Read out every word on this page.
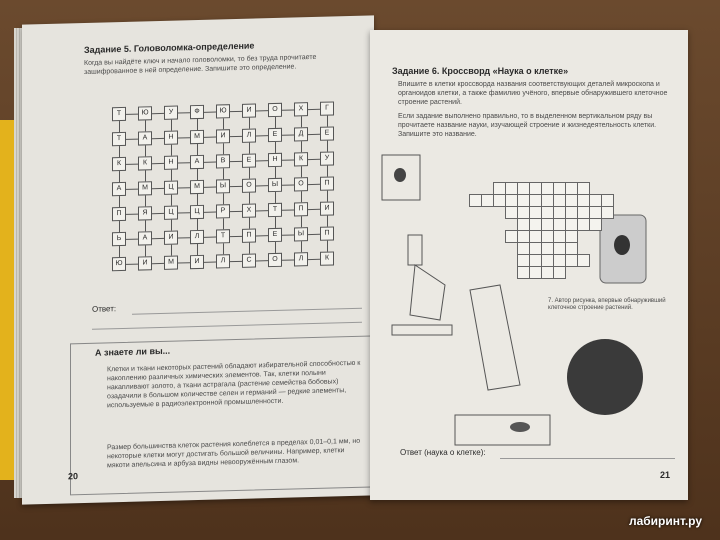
Задание 5. Головоломка-определение
Когда вы найдёте ключ и начало головоломки, то без труда прочитаете зашифрованное в ней определение. Запишите это определение.
Т	Ю	У	Ф	Ю	И	О	Х	Г
Т	А	Н	М	И	Л	Е	Д	Е
К	К	Н	А	В	Е	Н	К	У
А	М	Ц	М	Ы	О	Ы	О	П
П	Я	Ц	Ц	Р	Х	Т	П	И
Ь	А	И	Л	Т	П	Е	Ы	П
Ю	И	М	И	Л	С	О	Л	К
Ответ:
А знаете ли вы...
Клетки и ткани некоторых растений обладают избирательной способностью к накоплению различных химических элементов. Так, клетки полыни накапливают золото, а ткани астрагала (растение семейства бобовых) озадачили в большом количестве селен и германий — редкие элементы, используемые в радиоэлектронной промышленности.
Размер большинства клеток растения колеблется в пределах 0,01–0,1 мм, но некоторые клетки могут достигать большой величины. Например, клетки мякоти апельсина и арбуза видны невооружённым глазом.
20
Задание 6. Кроссворд «Наука о клетке»
Впишите в клетки кроссворда названия соответствующих деталей микроскопа и органоидов клетки, а также фамилию учёного, впервые обнаружившего клеточное строение растений.
Если задание выполнено правильно, то в выделенном вертикальном ряду вы прочитаете название науки, изучающей строение и жизнедеятельность клетки. Запишите это название.
7. Автор рисунка, впервые обнаруживший клеточное строение растений.
Ответ (наука о клетке):
21
лабиринт.ру
